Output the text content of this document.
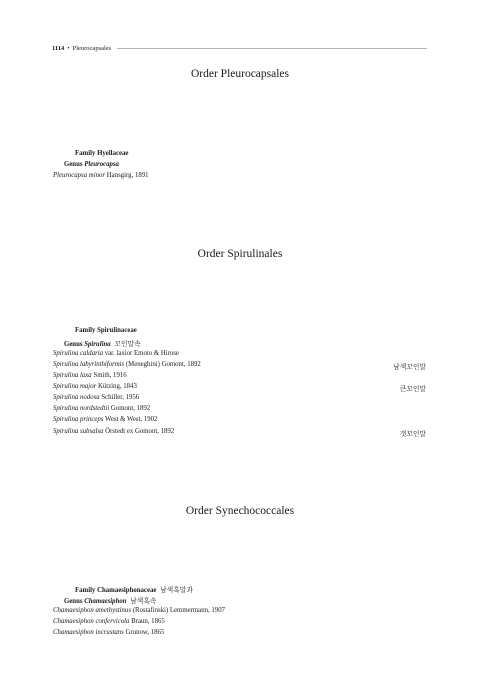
1114 • Pleurocapsales
Order Pleurocapsales
Family Hyellaceae
Genus Pleurocapsa
Pleurocapsa minor Hansgirg, 1891
Order Spirulinales
Family Spirulinaceae
Genus Spirulina 꼬인말속
Spirulina caldaria var. laxior Emoto & Hirose
Spirulina labyrinthiformis (Meneghini) Gomont, 1892	남색꼬인말
Spirulina laxa Smith, 1916
Spirulina major Kützing, 1843	큰꼬인말
Spirulina nodosa Schiller, 1956
Spirulina nordstedtii Gomont, 1892
Spirulina princeps West & West, 1902
Spirulina subsalsa Örstedt ex Gomont, 1892	갯꼬인말
Order Synechococcales
Family Chamaesiphonaceae 남색혹말과
Genus Chamaesiphon 남색혹속
Chamaesiphon amethystinus (Rostafinski) Lemmermann, 1907
Chamaesiphon confervicola Braun, 1865
Chamaesiphon incrustans Grunow, 1865
